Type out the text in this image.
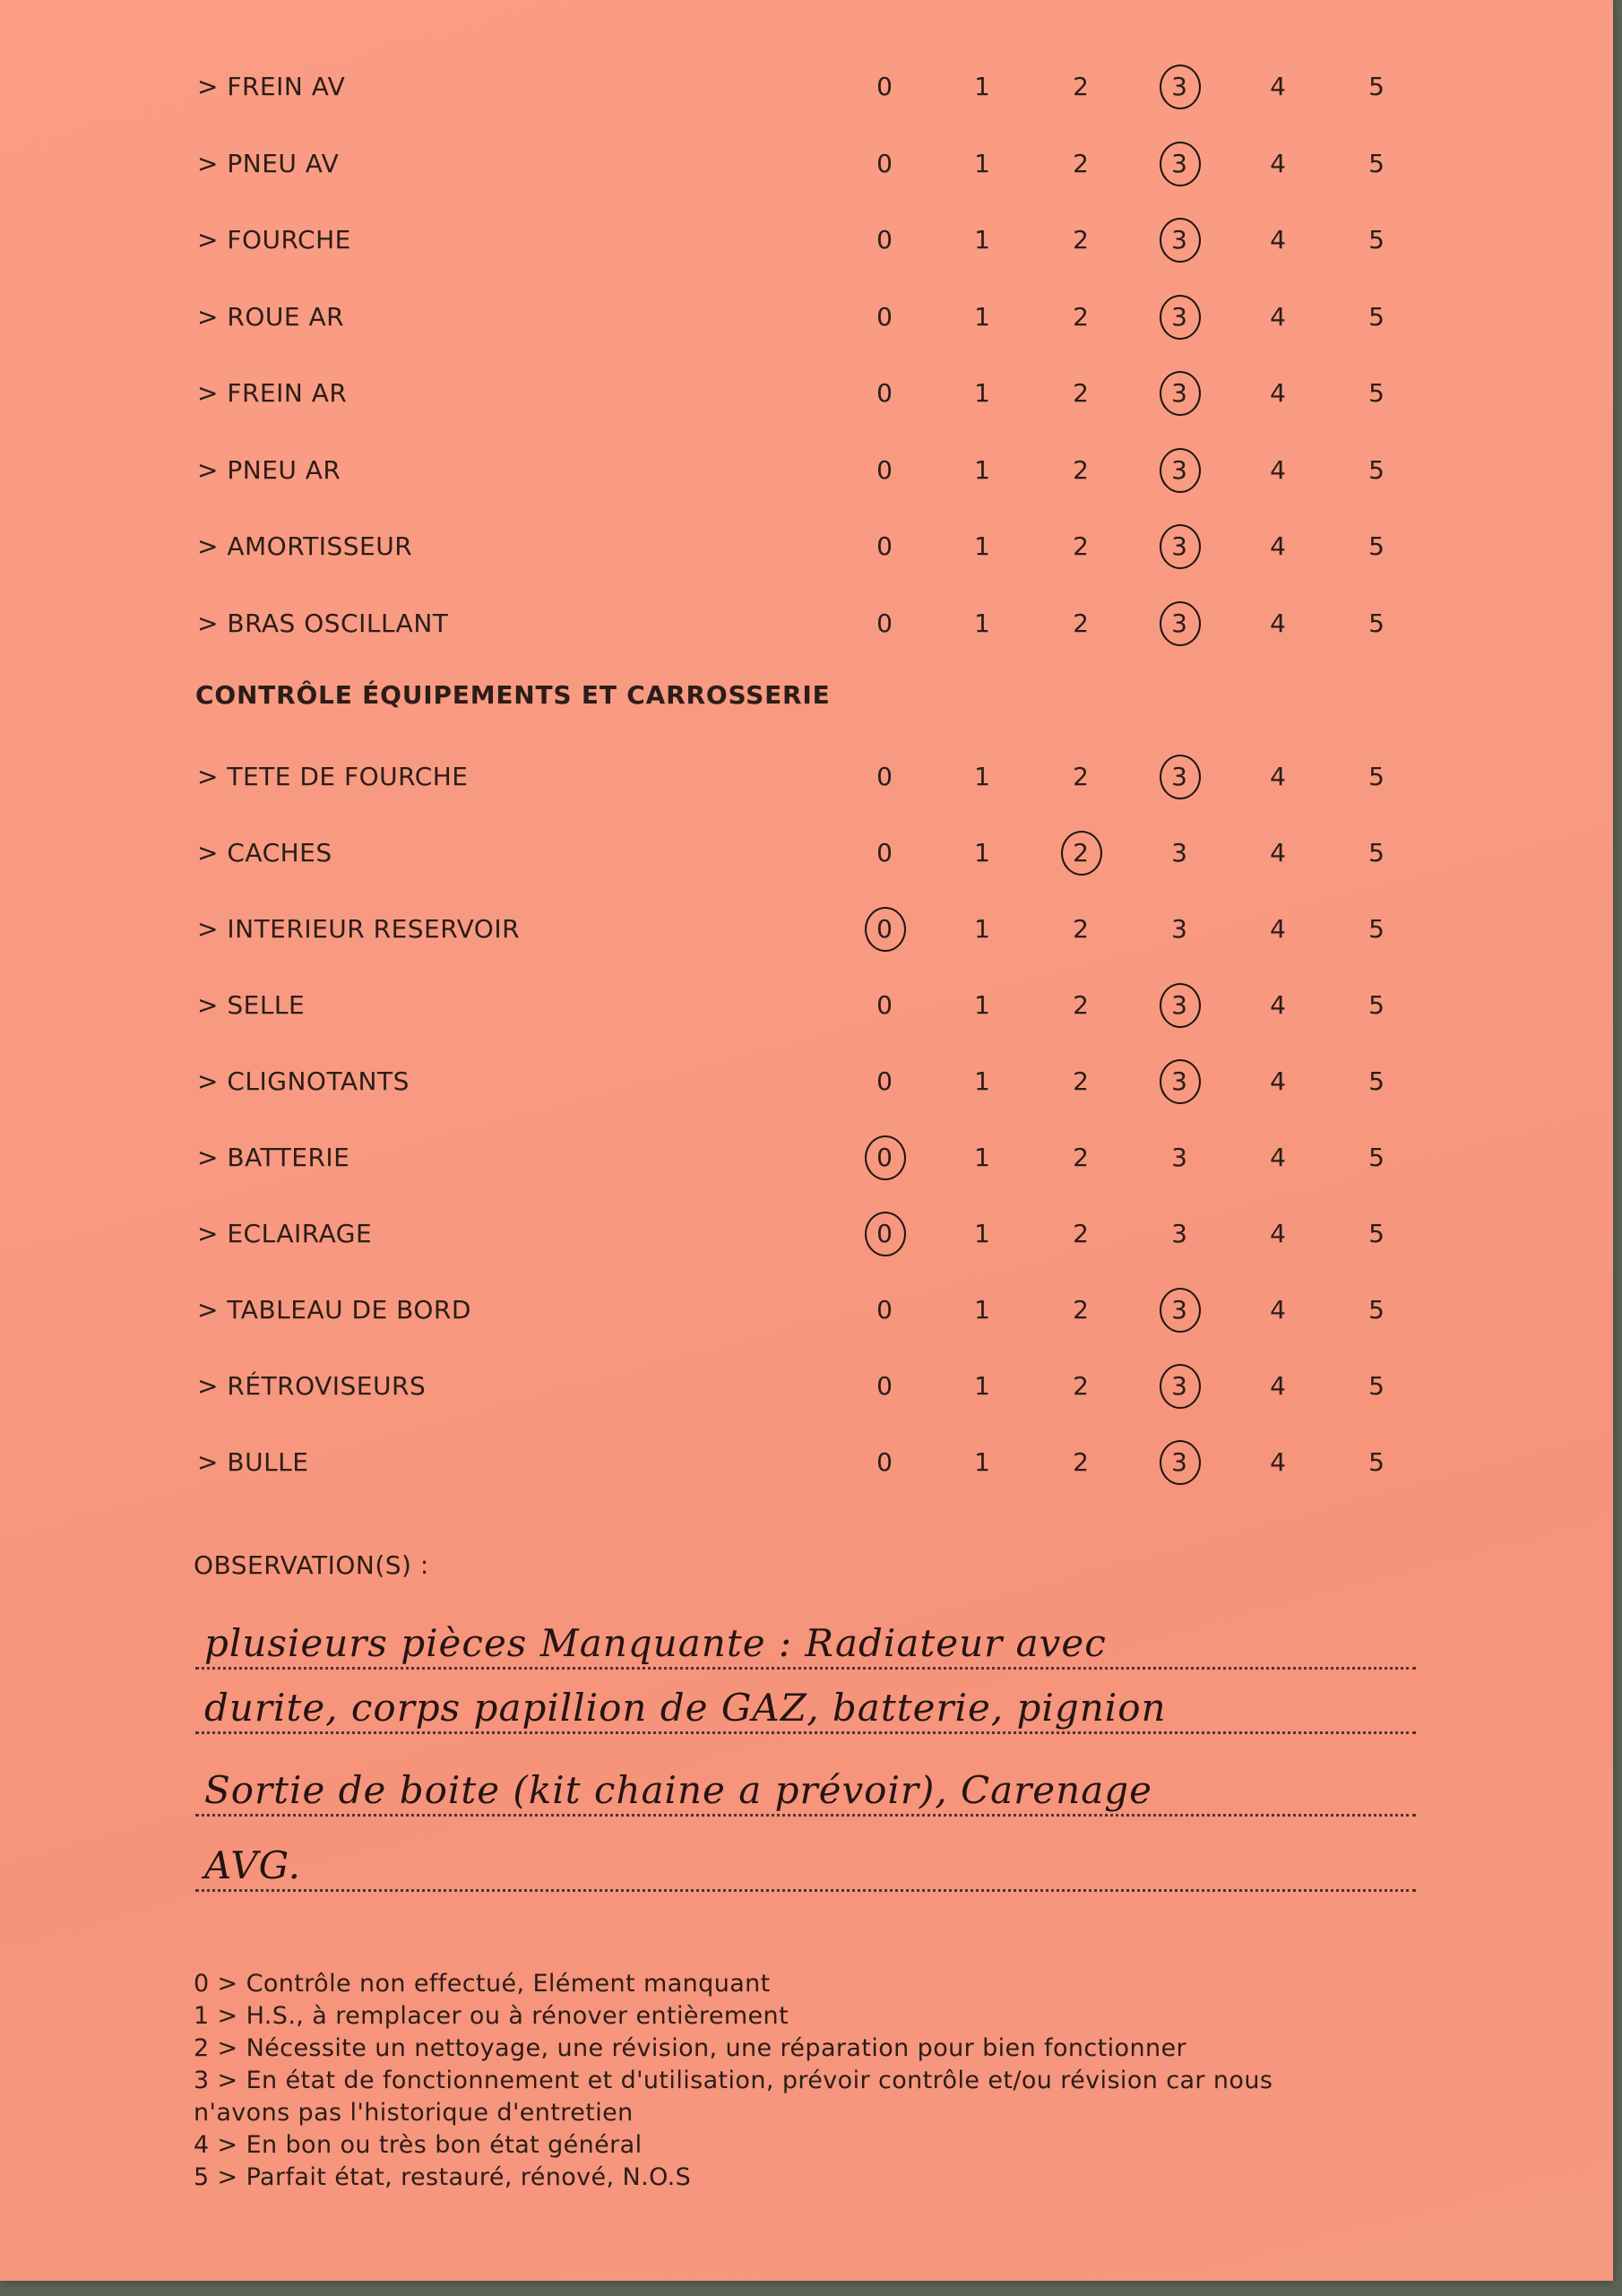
> FREIN AV	0	1	2	3	4	5
> PNEU AV	0	1	2	3	4	5
> FOURCHE	0	1	2	3	4	5
> ROUE AR	0	1	2	3	4	5
> FREIN AR	0	1	2	3	4	5
> PNEU AR	0	1	2	3	4	5
> AMORTISSEUR	0	1	2	3	4	5
> BRAS OSCILLANT	0	1	2	3	4	5
CONTRÔLE ÉQUIPEMENTS ET CARROSSERIE
> TETE DE FOURCHE	0	1	2	3	4	5
> CACHES	0	1	2	3	4	5
> INTERIEUR RESERVOIR	0	1	2	3	4	5
> SELLE	0	1	2	3	4	5
> CLIGNOTANTS	0	1	2	3	4	5
> BATTERIE	0	1	2	3	4	5
> ECLAIRAGE	0	1	2	3	4	5
> TABLEAU DE BORD	0	1	2	3	4	5
> RÉTROVISEURS	0	1	2	3	4	5
> BULLE	0	1	2	3	4	5
OBSERVATION(S) :
plusieurs pièces Manquante : Radiateur avec
durite, corps papillion de GAZ, batterie, pignion
Sortie de boite (kit chaine a prévoir), Carenage
AVG.
0 > Contrôle non effectué, Elément manquant
1 > H.S., à remplacer ou à rénover entièrement
2 > Nécessite un nettoyage, une révision, une réparation pour bien fonctionner
3 > En état de fonctionnement et d'utilisation, prévoir contrôle et/ou révision car nous
n'avons pas l'historique d'entretien
4 > En bon ou très bon état général
5 > Parfait état, restauré, rénové, N.O.S
